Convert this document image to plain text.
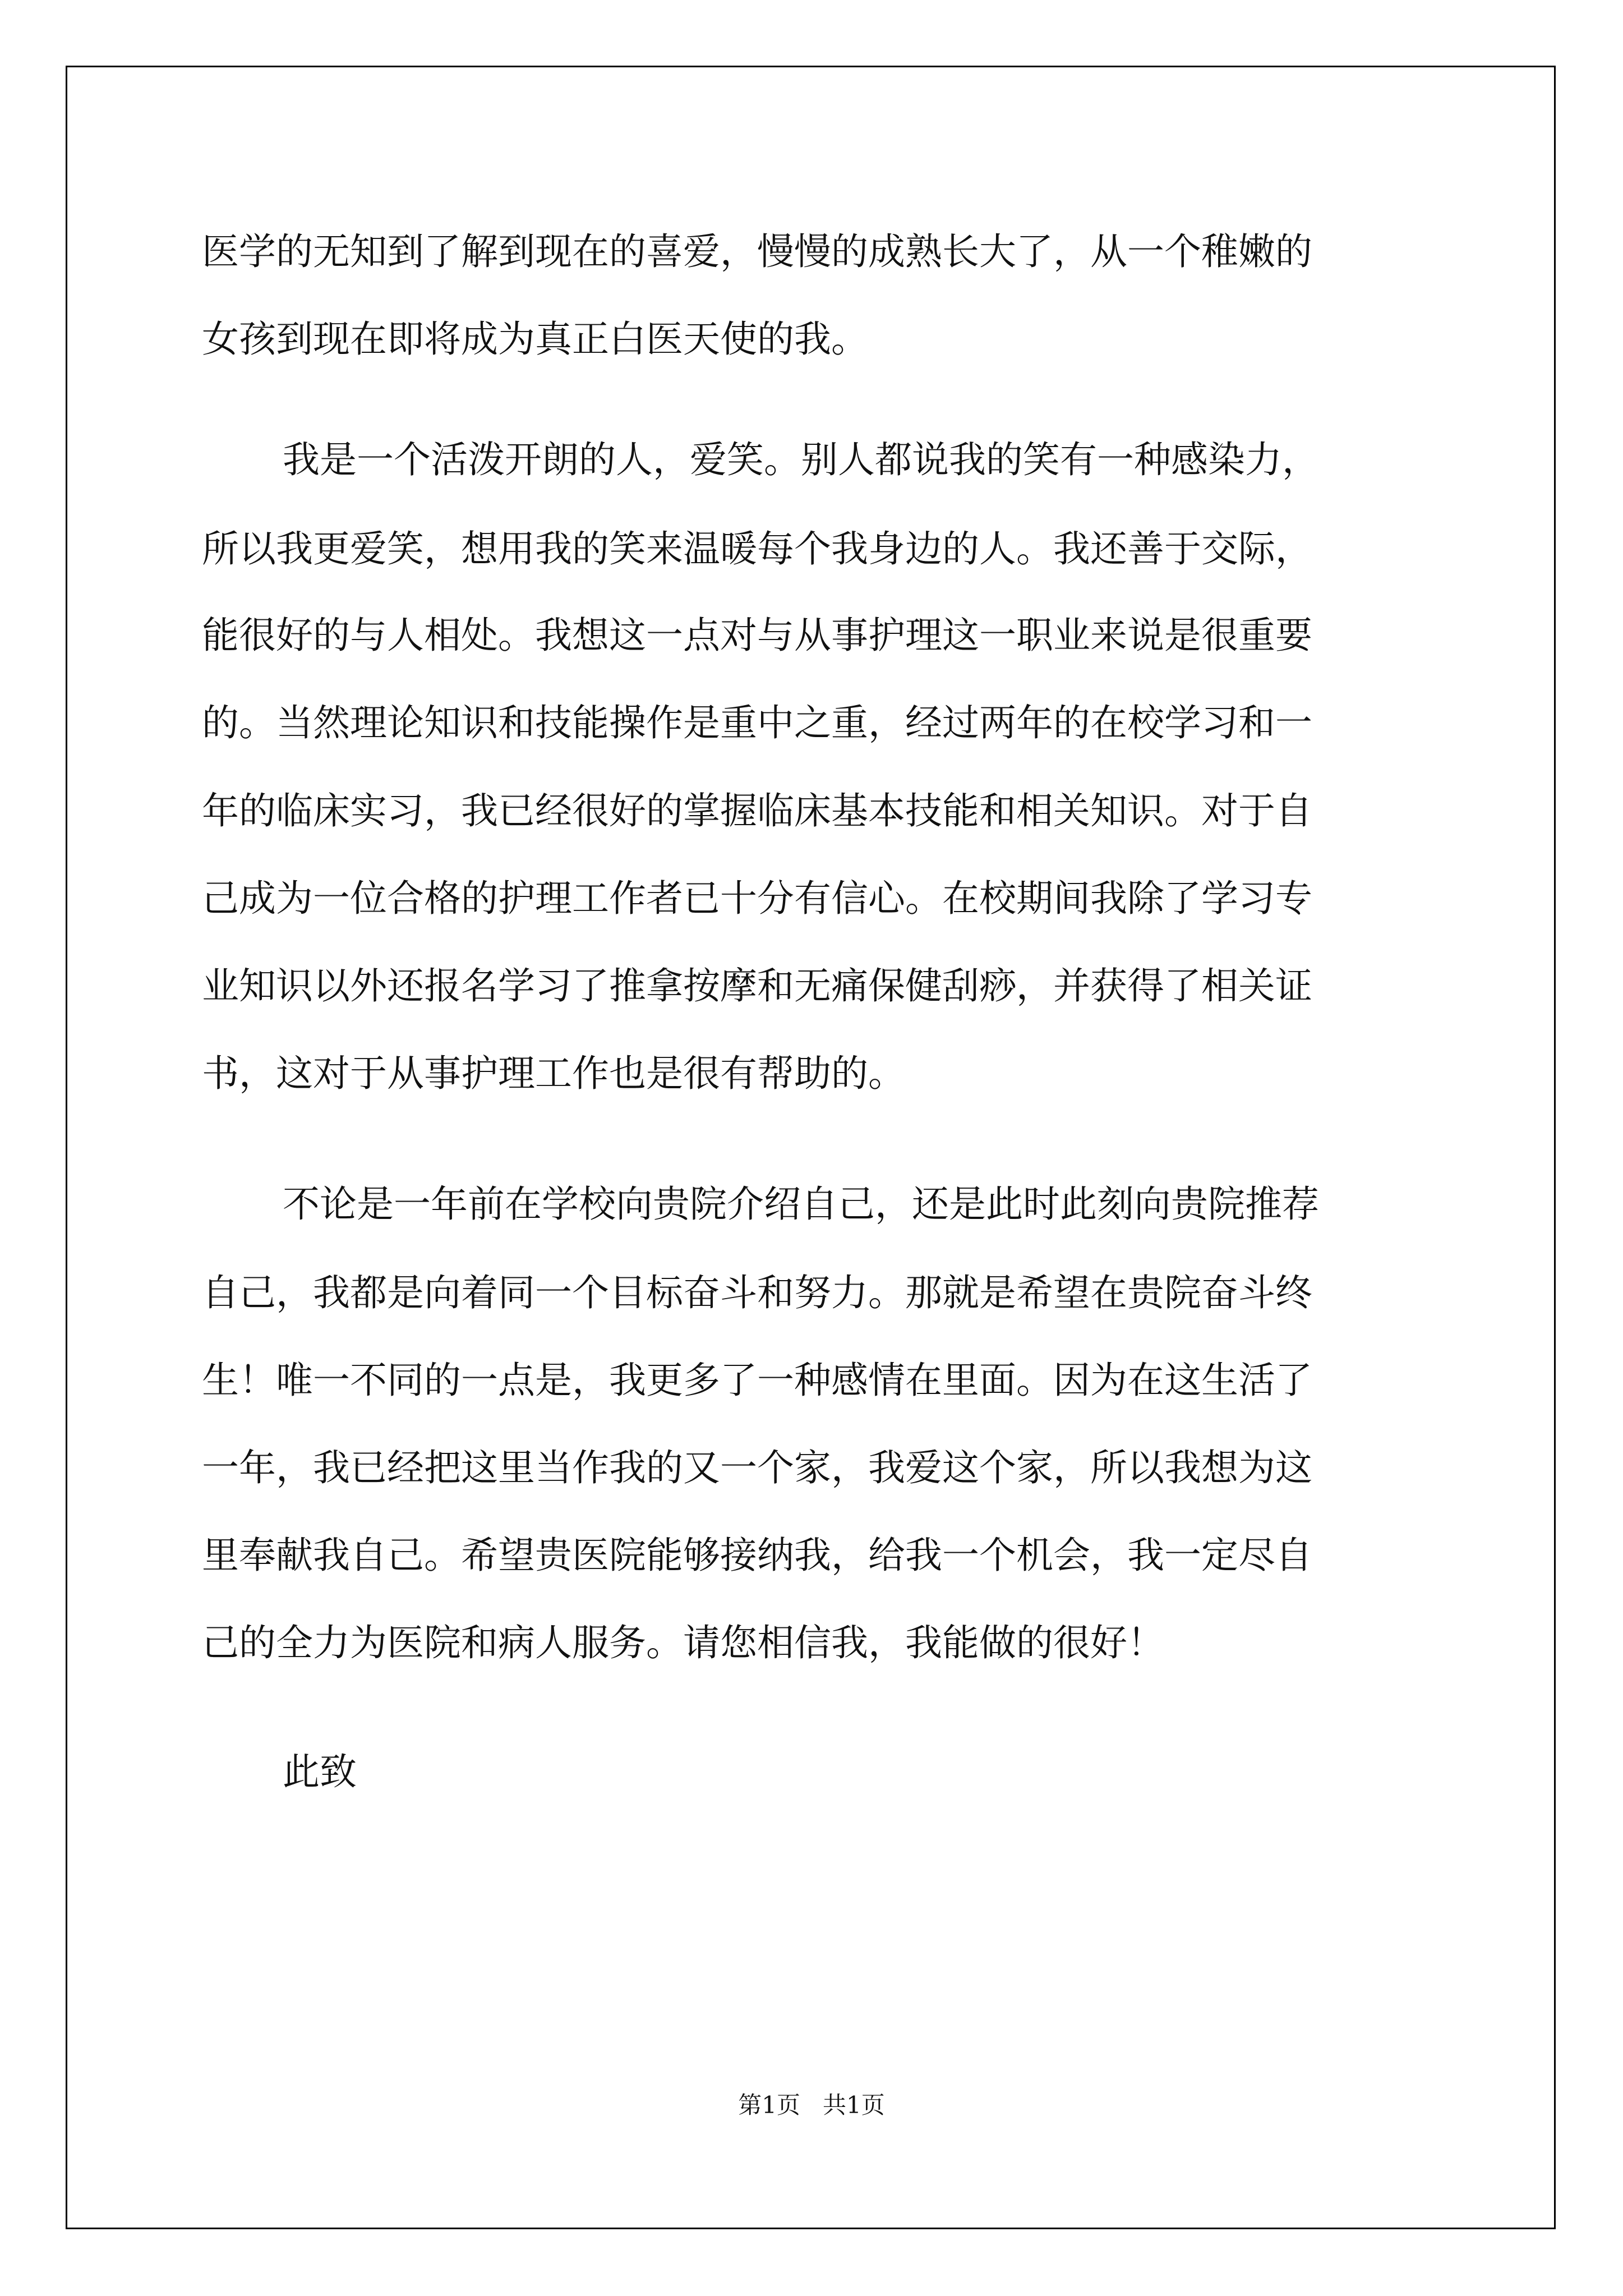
医学的无知到了解到现在的喜爱，慢慢的成熟长大了，从一个稚嫩的
女孩到现在即将成为真正白医天使的我。
我是一个活泼开朗的人，爱笑。别人都说我的笑有一种感染力，
所以我更爱笑，想用我的笑来温暖每个我身边的人。我还善于交际，
能很好的与人相处。我想这一点对与从事护理这一职业来说是很重要
的。当然理论知识和技能操作是重中之重，经过两年的在校学习和一
年的临床实习，我已经很好的掌握临床基本技能和相关知识。对于自
己成为一位合格的护理工作者已十分有信心。在校期间我除了学习专
业知识以外还报名学习了推拿按摩和无痛保健刮痧，并获得了相关证
书，这对于从事护理工作也是很有帮助的。
不论是一年前在学校向贵院介绍自己，还是此时此刻向贵院推荐
自己，我都是向着同一个目标奋斗和努力。那就是希望在贵院奋斗终
生！唯一不同的一点是，我更多了一种感情在里面。因为在这生活了
一年，我已经把这里当作我的又一个家，我爱这个家，所以我想为这
里奉献我自己。希望贵医院能够接纳我，给我一个机会，我一定尽自
己的全力为医院和病人服务。请您相信我，我能做的很好！
此致
第1页   共1页
